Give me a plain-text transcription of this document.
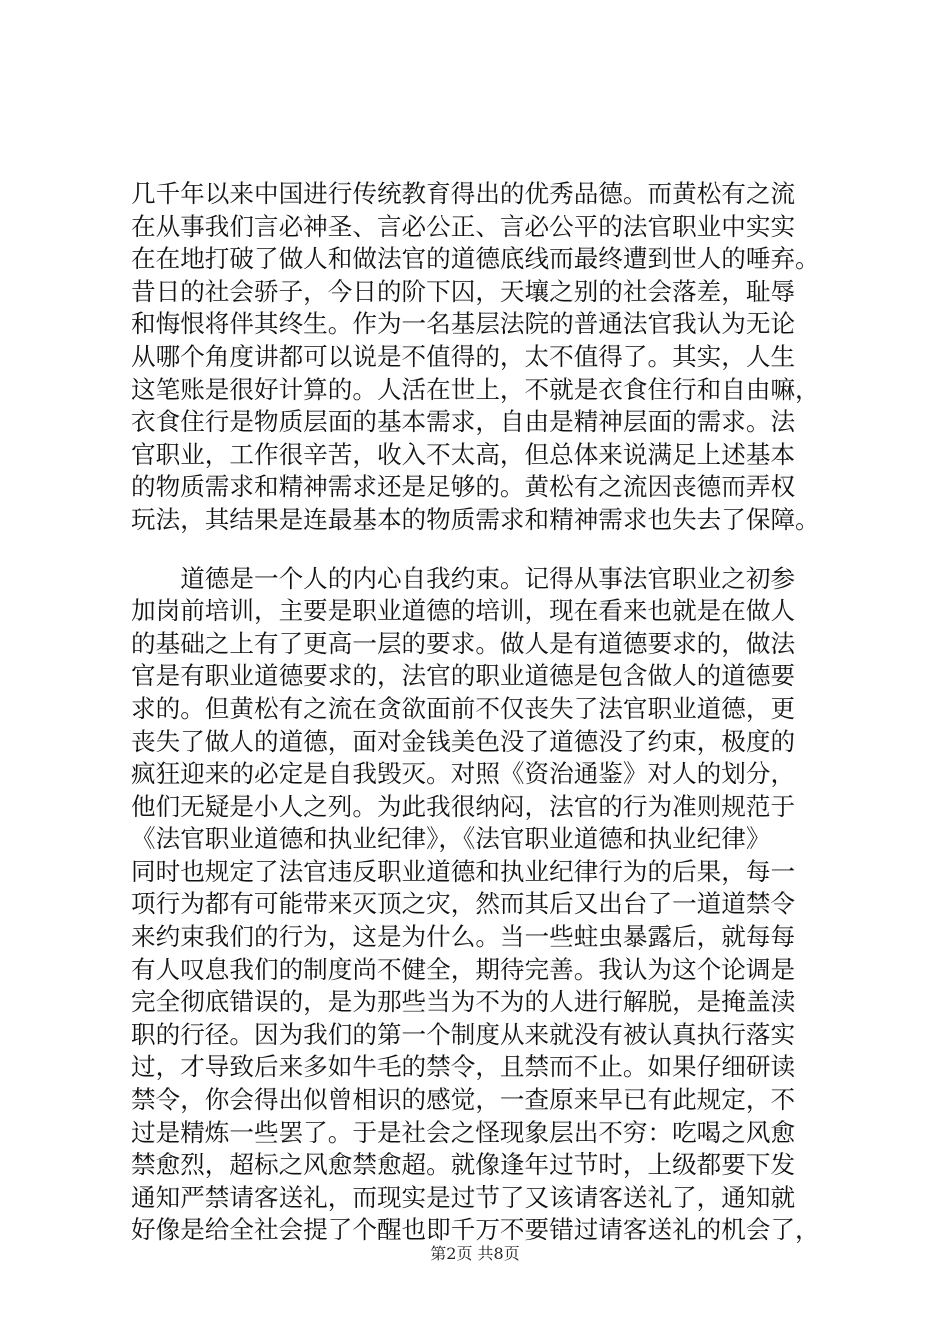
几千年以来中国进行传统教育得出的优秀品德。而黄松有之流
在从事我们言必神圣、言必公正、言必公平的法官职业中实实
在在地打破了做人和做法官的道德底线而最终遭到世人的唾弃。
昔日的社会骄子，今日的阶下囚，天壤之别的社会落差，耻辱
和悔恨将伴其终生。作为一名基层法院的普通法官我认为无论
从哪个角度讲都可以说是不值得的，太不值得了。其实，人生
这笔账是很好计算的。人活在世上，不就是衣食住行和自由嘛，
衣食住行是物质层面的基本需求，自由是精神层面的需求。法
官职业，工作很辛苦，收入不太高，但总体来说满足上述基本
的物质需求和精神需求还是足够的。黄松有之流因丧德而弄权
玩法，其结果是连最基本的物质需求和精神需求也失去了保障。
　　道德是一个人的内心自我约束。记得从事法官职业之初参
加岗前培训，主要是职业道德的培训，现在看来也就是在做人
的基础之上有了更高一层的要求。做人是有道德要求的，做法
官是有职业道德要求的，法官的职业道德是包含做人的道德要
求的。但黄松有之流在贪欲面前不仅丧失了法官职业道德，更
丧失了做人的道德，面对金钱美色没了道德没了约束，极度的
疯狂迎来的必定是自我毁灭。对照《资治通鉴》对人的划分，
他们无疑是小人之列。为此我很纳闷，法官的行为准则规范于
《法官职业道德和执业纪律》，《法官职业道德和执业纪律》
同时也规定了法官违反职业道德和执业纪律行为的后果，每一
项行为都有可能带来灭顶之灾，然而其后又出台了一道道禁令
来约束我们的行为，这是为什么。当一些蛀虫暴露后，就每每
有人叹息我们的制度尚不健全，期待完善。我认为这个论调是
完全彻底错误的，是为那些当为不为的人进行解脱，是掩盖渎
职的行径。因为我们的第一个制度从来就没有被认真执行落实
过，才导致后来多如牛毛的禁令，且禁而不止。如果仔细研读
禁令，你会得出似曾相识的感觉，一查原来早已有此规定，不
过是精炼一些罢了。于是社会之怪现象层出不穷：吃喝之风愈
禁愈烈，超标之风愈禁愈超。就像逢年过节时，上级都要下发
通知严禁请客送礼，而现实是过节了又该请客送礼了，通知就
好像是给全社会提了个醒也即千万不要错过请客送礼的机会了，
第2页 共8页
